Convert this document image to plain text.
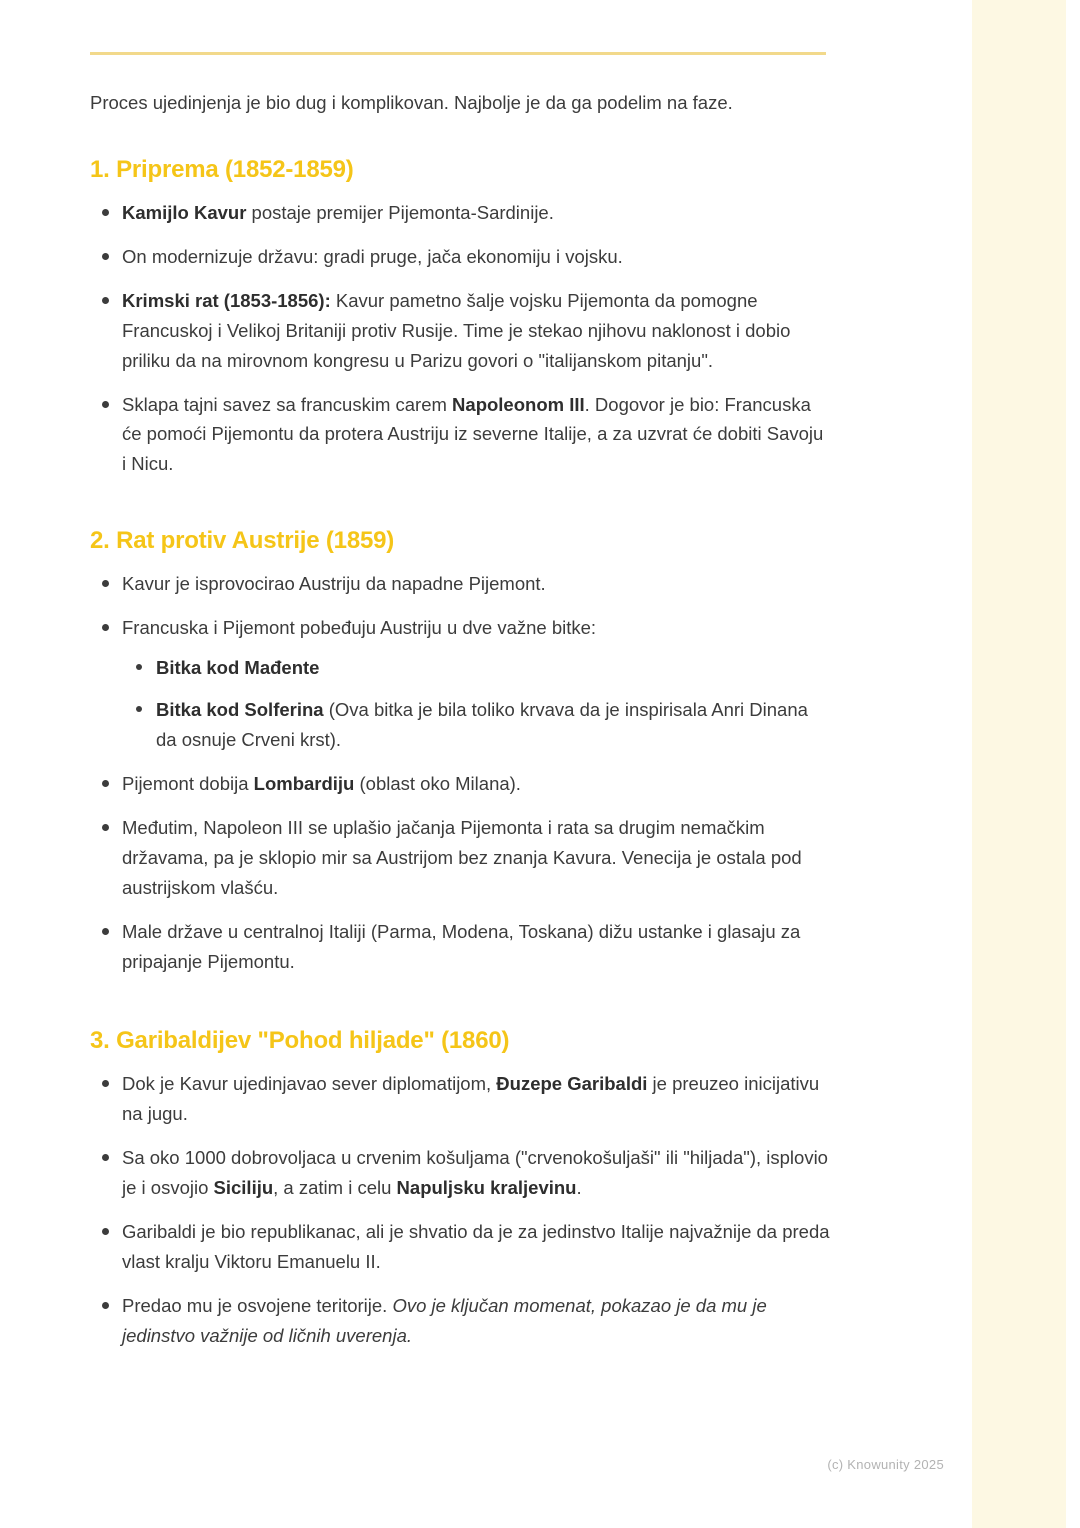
Proces ujedinjenja je bio dug i komplikovan. Najbolje je da ga podelim na faze.

1. Priprema (1852-1859)
Kamijlo Kavur postaje premijer Pijemonta-Sardinije.
On modernizuje državu: gradi pruge, jača ekonomiju i vojsku.
Krimski rat (1853-1856): Kavur pametno šalje vojsku Pijemonta da pomogne Francuskoj i Velikoj Britaniji protiv Rusije. Time je stekao njihovu naklonost i dobio priliku da na mirovnom kongresu u Parizu govori o "italijanskom pitanju".
Sklapa tajni savez sa francuskim carem Napoleonom III. Dogovor je bio: Francuska će pomoći Pijemontu da protera Austriju iz severne Italije, a za uzvrat će dobiti Savoju i Nicu.
2. Rat protiv Austrije (1859)
Kavur je isprovocirao Austriju da napadne Pijemont.
Francuska i Pijemont pobeđuju Austriju u dve važne bitke:
Bitka kod Mađente
Bitka kod Solferina (Ova bitka je bila toliko krvava da je inspirisala Anri Dinana da osnuje Crveni krst).
Pijemont dobija Lombardiju (oblast oko Milana).
Međutim, Napoleon III se uplašio jačanja Pijemonta i rata sa drugim nemačkim državama, pa je sklopio mir sa Austrijom bez znanja Kavura. Venecija je ostala pod austrijskom vlašću.
Male države u centralnoj Italiji (Parma, Modena, Toskana) dižu ustanke i glasaju za pripajanje Pijemontu.
3. Garibaldijev "Pohod hiljade" (1860)
Dok je Kavur ujedinjavao sever diplomatijom, Đuzepe Garibaldi je preuzeo inicijativu na jugu.
Sa oko 1000 dobrovoljaca u crvenim košuljama ("crvenokošuljaši" ili "hiljada"), isplovio je i osvojio Siciliju, a zatim i celu Napuljsku kraljevinu.
Garibaldi je bio republikanac, ali je shvatio da je za jedinstvo Italije najvažnije da preda vlast kralju Viktoru Emanuelu II.
Predao mu je osvojene teritorije. Ovo je ključan momenat, pokazao je da mu je jedinstvo važnije od ličnih uverenja.
(c) Knowunity 2025
